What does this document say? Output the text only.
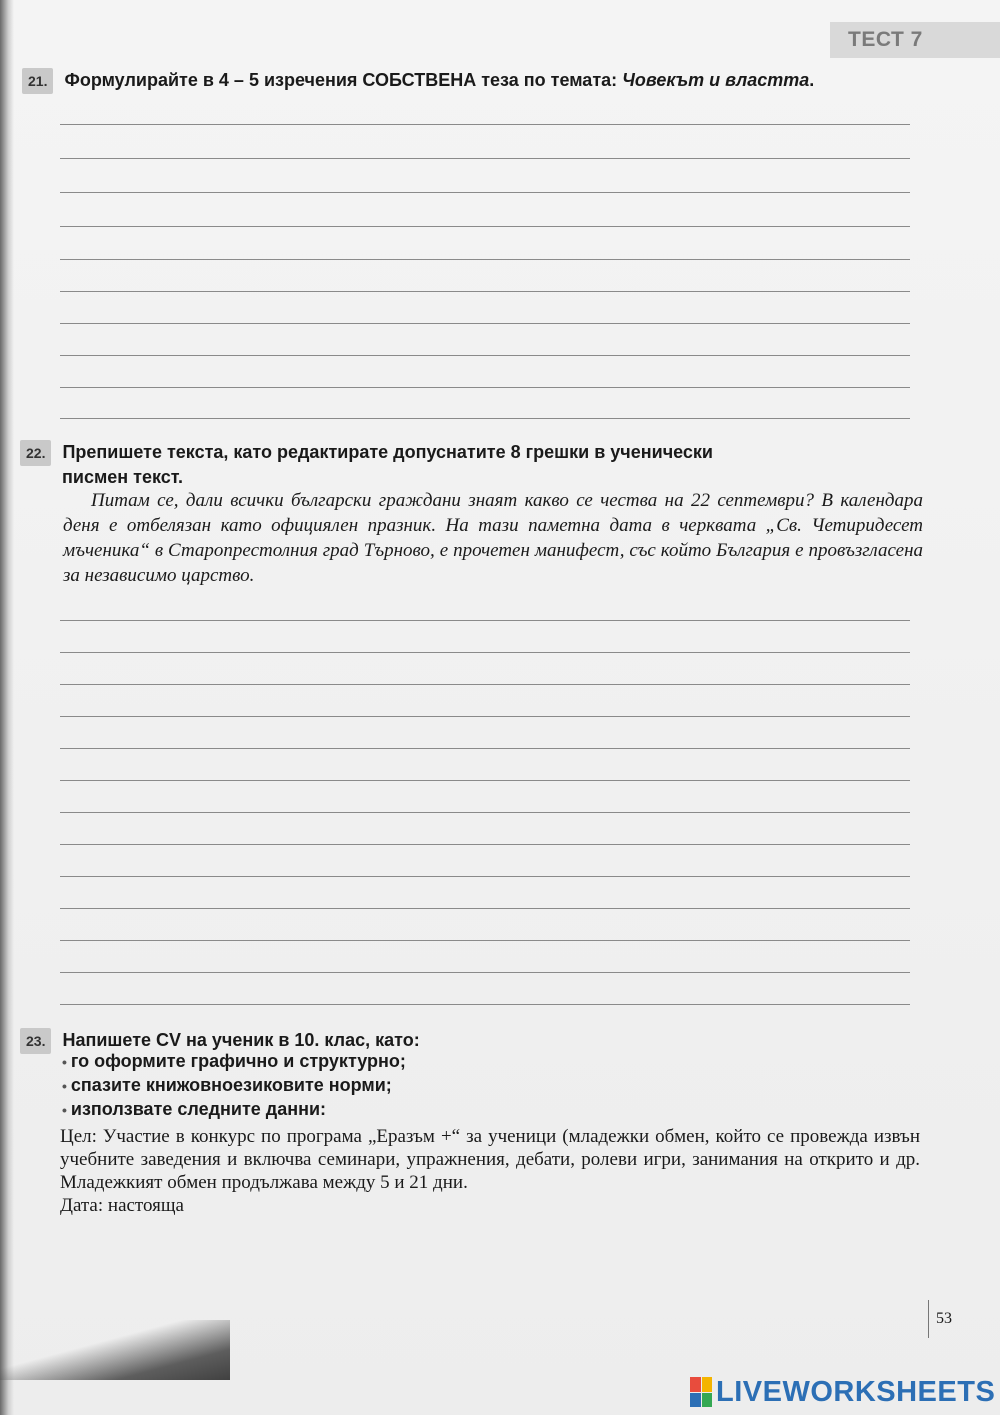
ТЕСТ 7
21. Формулирайте в 4 – 5 изречения СОБСТВЕНА теза по темата: Човекът и властта.
22. Препишете текста, като редактирате допуснатите 8 грешки в ученически
писмен текст.
Питам се, дали всички български граждани знаят какво се чества на 22 септември? В календара деня е отбелязан като официялен празник. На тази паметна дата в черквата „Св. Четиридесет мъченика“ в Старопрестолния град Търново, е прочетен манифест, със който България е провъзгласена за независимо царство.
23. Напишете CV на ученик в 10. клас, като:
• го оформите графично и структурно;
• спазите книжовноезиковите норми;
• използвате следните данни:
Цел: Участие в конкурс по програма „Еразъм +“ за ученици (младежки обмен, който се провежда извън учебните заведения и включва семинари, упражнения, дебати, ролеви игри, занимания на открито и др. Младежкият обмен продължава между 5 и 21 дни.
Дата: настояща
53
LIVEWORKSHEETS
